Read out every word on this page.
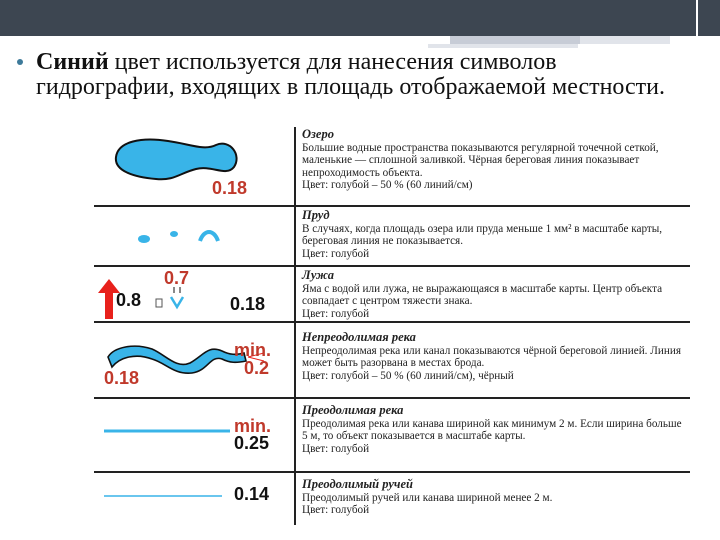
Синий цвет используется для нанесения символов гидрографии, входящих в площадь отображаемой местности.
0.18
Озеро
Большие водные пространства показываются регулярной точечной сеткой, маленькие — сплошной заливкой. Чёрная береговая линия показывает непроходимость объекта.
Цвет: голубой – 50 % (60 линий/см)
Пруд
В случаях, когда площадь озера или пруда меньше 1 мм² в масштабе карты, береговая линия не показывается.
Цвет: голубой
0.7
0.8	0.18
Лужа
Яма с водой или лужа, не выражающаяся в масштабе карты. Центр объекта совпадает с центром тяжести знака.
Цвет: голубой
min.
0.2
0.18
Непреодолимая река
Непреодолимая река или канал показываются чёрной береговой линией. Линия может быть разорвана в местах брода.
Цвет: голубой – 50 % (60 линий/см), чёрный
min.
0.25
Преодолимая река
Преодолимая река или канава шириной как минимум 2 м. Если ширина больше 5 м, то объект показывается в масштабе карты.
Цвет: голубой
0.14	Преодолимый ручей
Преодолимый ручей или канава шириной менее 2 м.
Цвет: голубой
